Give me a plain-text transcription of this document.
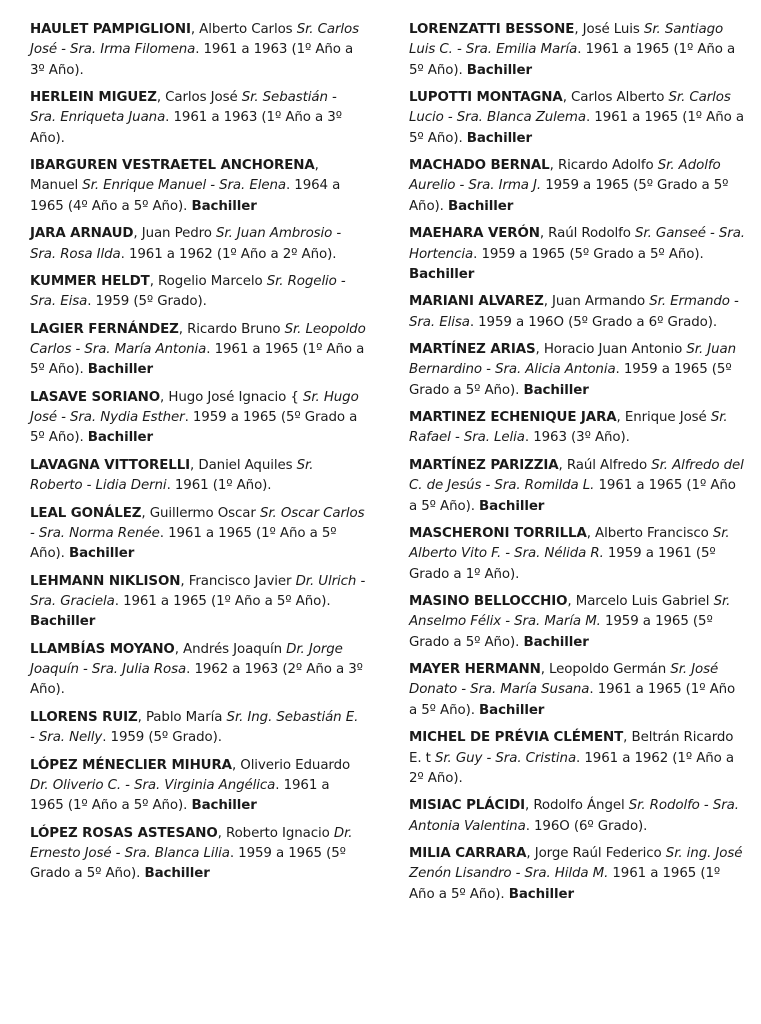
HAULET PAMPIGLIONI, Alberto Carlos Sr. Carlos José - Sra. Irma Filomena. 1961 a 1963 (1º Año a 3º Año).
HERLEIN MIGUEZ, Carlos José Sr. Sebastián - Sra. Enriqueta Juana. 1961 a 1963 (1º Año a 3º Año).
IBARGUREN VESTRAETEL ANCHORENA, Manuel Sr. Enrique Manuel - Sra. Elena. 1964 a 1965 (4º Año a 5º Año). Bachiller
JARA ARNAUD, Juan Pedro Sr. Juan Ambrosio - Sra. Rosa Ilda. 1961 a 1962 (1º Año a 2º Año).
KUMMER HELDT, Rogelio Marcelo Sr. Rogelio - Sra. Eisa. 1959 (5º Grado).
LAGIER FERNÁNDEZ, Ricardo Bruno Sr. Leopoldo Carlos - Sra. María Antonia. 1961 a 1965 (1º Año a 5º Año). Bachiller
LASAVE SORIANO, Hugo José Ignacio { Sr. Hugo José - Sra. Nydia Esther. 1959 a 1965 (5º Grado a 5º Año). Bachiller
LAVAGNA VITTORELLI, Daniel Aquiles Sr. Roberto - Lidia Derni. 1961 (1º Año).
LEAL GONÁLEZ, Guillermo Oscar Sr. Oscar Carlos - Sra. Norma Renée. 1961 a 1965 (1º Año a 5º Año). Bachiller
LEHMANN NIKLISON, Francisco Javier Dr. Ulrich - Sra. Graciela. 1961 a 1965 (1º Año a 5º Año). Bachiller
LLAMBÍAS MOYANO, Andrés Joaquín Dr. Jorge Joaquín - Sra. Julia Rosa. 1962 a 1963 (2º Año a 3º Año).
LLORENS RUIZ, Pablo María Sr. Ing. Sebastián E. - Sra. Nelly. 1959 (5º Grado).
LÓPEZ MÉNECLIER MIHURA, Oliverio Eduardo Dr. Oliverio C. - Sra. Virginia Angélica. 1961 a 1965 (1º Año a 5º Año). Bachiller
LÓPEZ ROSAS ASTESANO, Roberto Ignacio Dr. Ernesto José - Sra. Blanca Lilia. 1959 a 1965 (5º Grado a 5º Año). Bachiller
LORENZATTI BESSONE, José Luis Sr. Santiago Luis C. - Sra. Emilia María. 1961 a 1965 (1º Año a 5º Año). Bachiller
LUPOTTI MONTAGNA, Carlos Alberto Sr. Carlos Lucio - Sra. Blanca Zulema. 1961 a 1965 (1º Año a 5º Año). Bachiller
MACHADO BERNAL, Ricardo Adolfo Sr. Adolfo Aurelio - Sra. Irma J. 1959 a 1965 (5º Grado a 5º Año). Bachiller
MAEHARA VERÓN, Raúl Rodolfo Sr. Ganseé - Sra. Hortencia. 1959 a 1965 (5º Grado a 5º Año). Bachiller
MARIANI ALVAREZ, Juan Armando Sr. Ermando - Sra. Elisa. 1959 a 196O (5º Grado a 6º Grado).
MARTÍNEZ ARIAS, Horacio Juan Antonio Sr. Juan Bernardino - Sra. Alicia Antonia. 1959 a 1965 (5º Grado a 5º Año). Bachiller
MARTINEZ ECHENIQUE JARA, Enrique José Sr. Rafael - Sra. Lelia. 1963 (3º Año).
MARTÍNEZ PARIZZIA, Raúl Alfredo Sr. Alfredo del C. de Jesús - Sra. Romilda L. 1961 a 1965 (1º Año a 5º Año). Bachiller
MASCHERONI TORRILLA, Alberto Francisco Sr. Alberto Vito F. - Sra. Nélida R. 1959 a 1961 (5º Grado a 1º Año).
MASINO BELLOCCHIO, Marcelo Luis Gabriel Sr. Anselmo Félix - Sra. María M. 1959 a 1965 (5º Grado a 5º Año). Bachiller
MAYER HERMANN, Leopoldo Germán Sr. José Donato - Sra. María Susana. 1961 a 1965 (1º Año a 5º Año). Bachiller
MICHEL DE PRÉVIA CLÉMENT, Beltrán Ricardo E. t Sr. Guy - Sra. Cristina. 1961 a 1962 (1º Año a 2º Año).
MISIAC PLÁCIDI, Rodolfo Ángel Sr. Rodolfo - Sra. Antonia Valentina. 196O (6º Grado).
MILIA CARRARA, Jorge Raúl Federico Sr. ing. José Zenón Lisandro - Sra. Hilda M. 1961 a 1965 (1º Año a 5º Año). Bachiller
